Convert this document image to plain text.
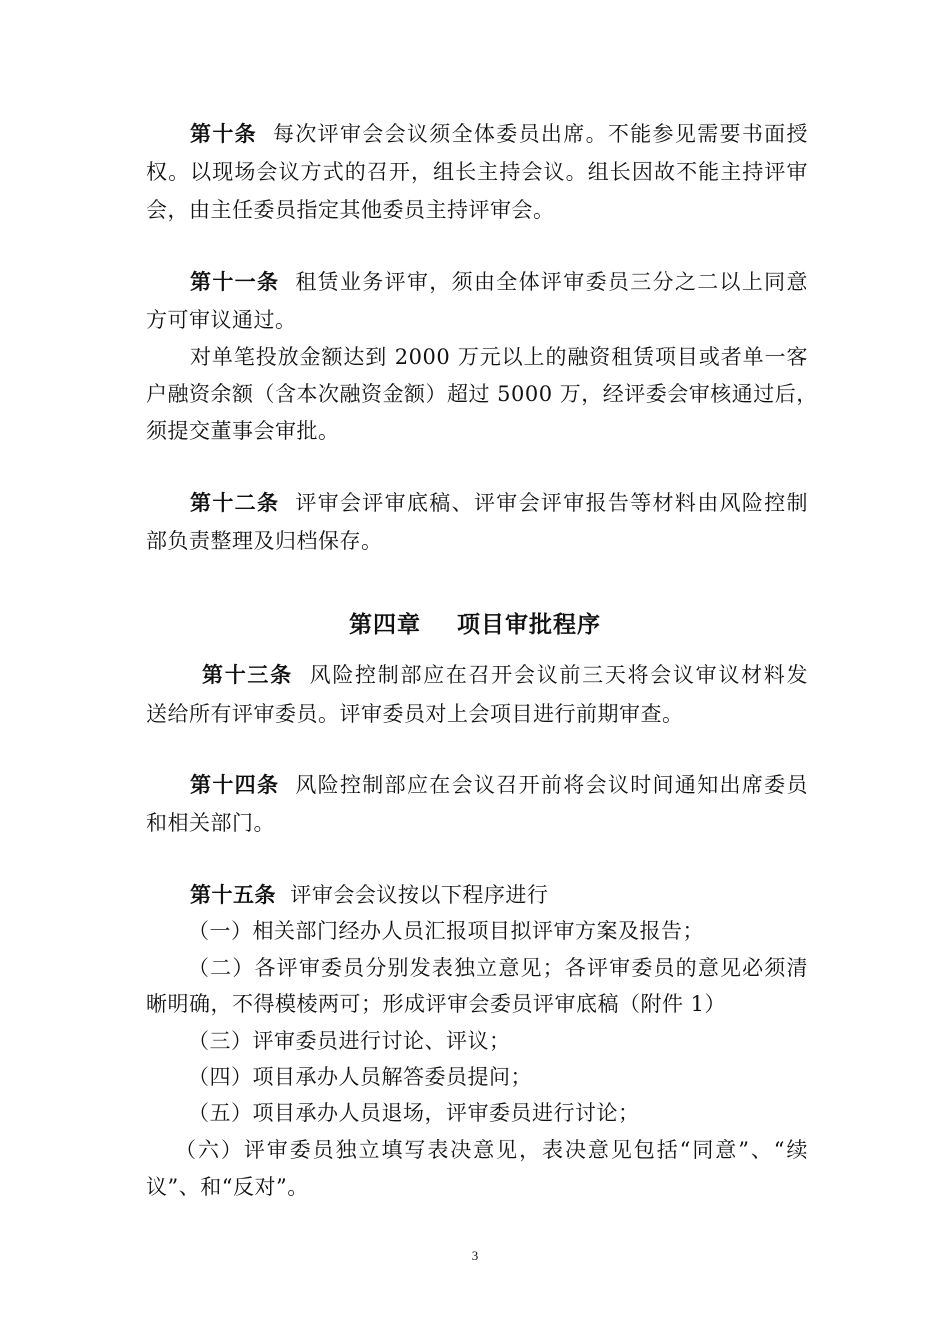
第十条 每次评审会会议须全体委员出席。不能参见需要书面授
权。以现场会议方式的召开，组长主持会议。组长因故不能主持评审
会，由主任委员指定其他委员主持评审会。
第十一条 租赁业务评审，须由全体评审委员三分之二以上同意
方可审议通过。
对单笔投放金额达到 2000 万元以上的融资租赁项目或者单一客
户融资余额（含本次融资金额）超过 5000 万，经评委会审核通过后，
须提交董事会审批。
第十二条 评审会评审底稿、评审会评审报告等材料由风险控制
部负责整理及归档保存。
第四章    项目审批程序
第十三条 风险控制部应在召开会议前三天将会议审议材料发
送给所有评审委员。评审委员对上会项目进行前期审查。
第十四条 风险控制部应在会议召开前将会议时间通知出席委员
和相关部门。
第十五条 评审会会议按以下程序进行
（一）相关部门经办人员汇报项目拟评审方案及报告；
（二）各评审委员分别发表独立意见；各评审委员的意见必须清
晰明确，不得模棱两可；形成评审会委员评审底稿（附件 1）
（三）评审委员进行讨论、评议；
（四）项目承办人员解答委员提问；
（五）项目承办人员退场，评审委员进行讨论；
（六）评审委员独立填写表决意见，表决意见包括“同意”、“续
议”、和“反对”。
3
